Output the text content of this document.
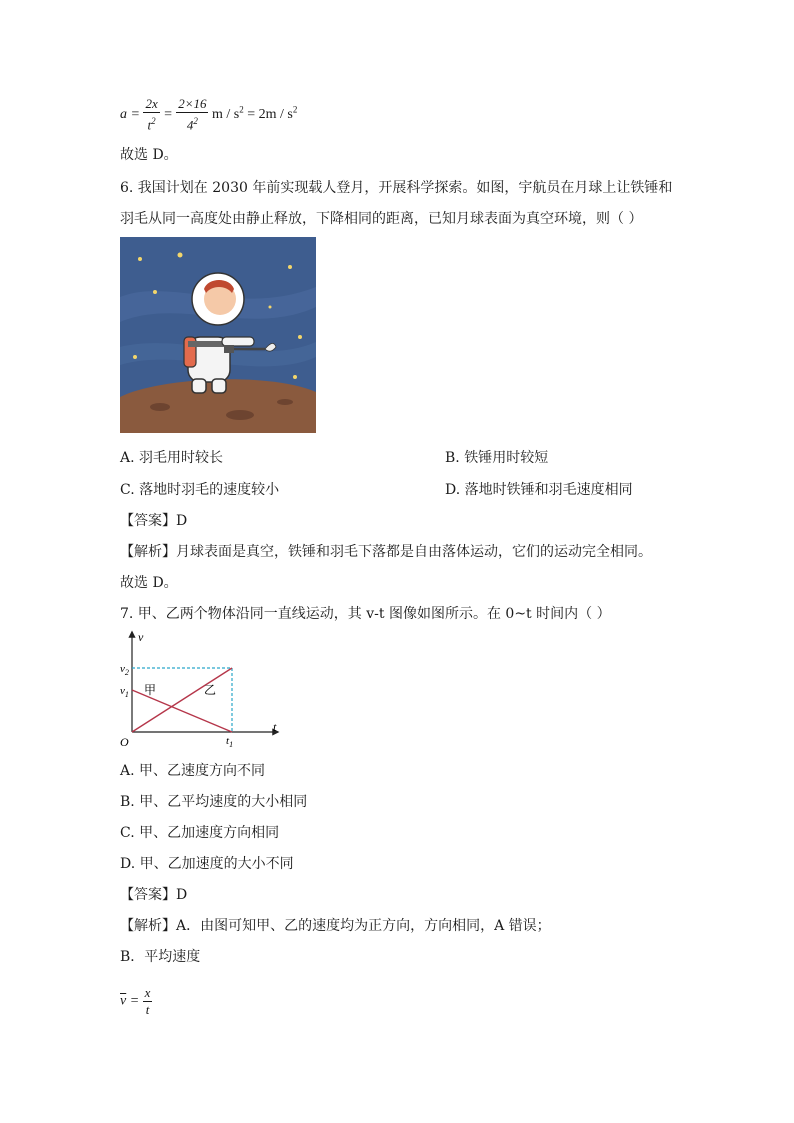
$a = \frac{2x}{t^2} = \frac{2\times 16}{4^2}$ $m / s^2 = 2m / s^2$
故选 D。
6. 我国计划在 2030 年前实现载人登月，开展科学探索。如图，宇航员在月球上让铁锤和
羽毛从同一高度处由静止释放，下降相同的距离，已知月球表面为真空环境，则（ ）
A. 羽毛用时较长	B. 铁锤用时较短
C. 落地时羽毛的速度较小	D. 落地时铁锤和羽毛速度相同
【答案】D
【解析】月球表面是真空，铁锤和羽毛下落都是自由落体运动，它们的运动完全相同。
故选 D。
7. 甲、乙两个物体沿同一直线运动，其 v-t 图像如图所示。在 0~t 时间内（ ）
v
t
O
$v_2$
$v_1$
$t_1$
甲	乙
A. 甲、乙速度方向不同
B. 甲、乙平均速度的大小相同
C. 甲、乙加速度方向相同
D. 甲、乙加速度的大小不同
【答案】D
【解析】A．由图可知甲、乙的速度均为正方向，方向相同，A 错误；
B．平均速度
$\overline{v} = \frac{x}{t}$
